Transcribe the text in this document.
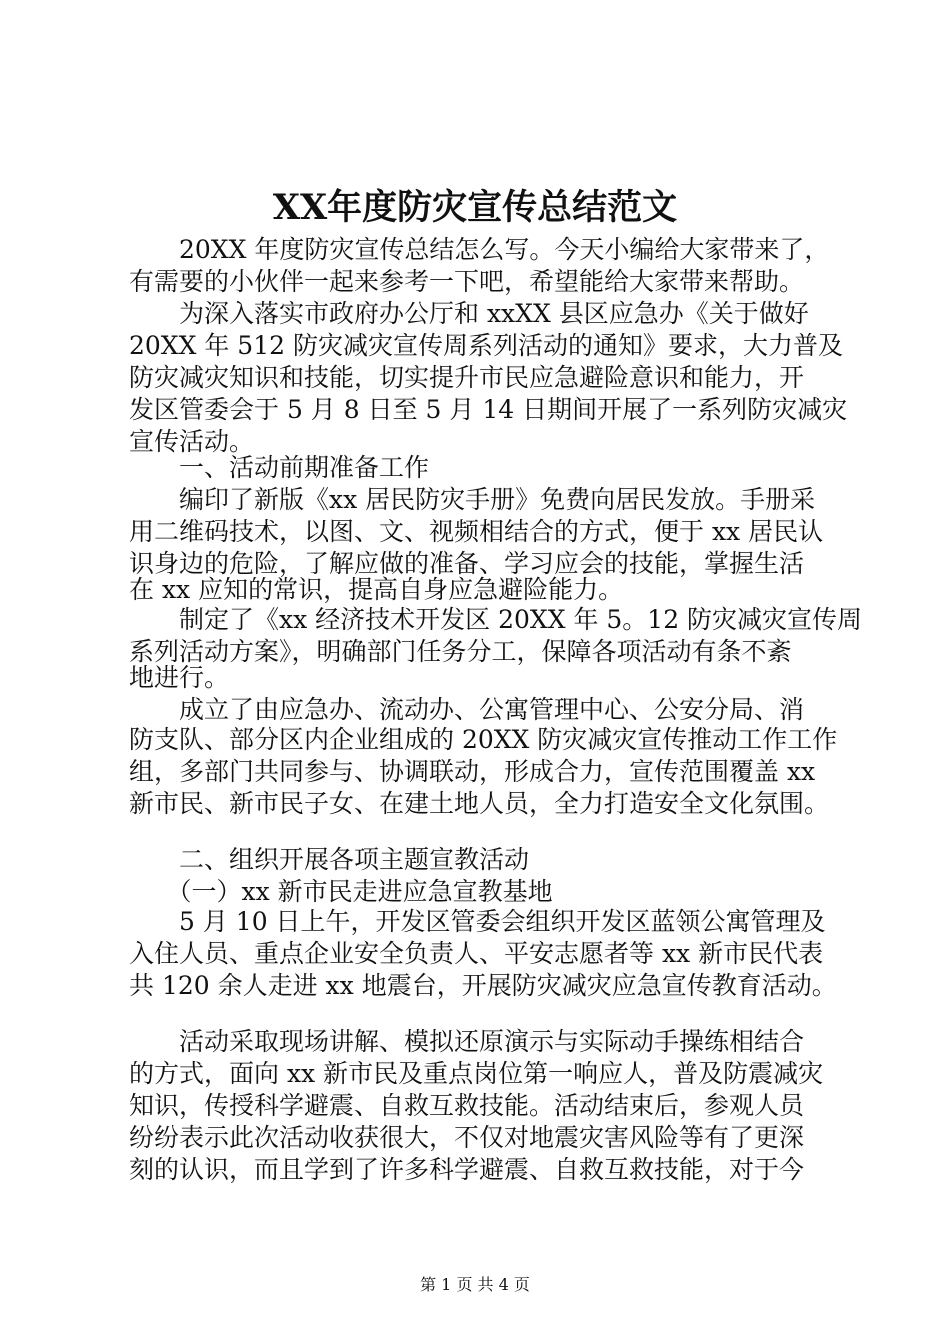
XX年度防灾宣传总结范文

　　20XX 年度防灾宣传总结怎么写。今天小编给大家带来了，

有需要的小伙伴一起来参考一下吧，希望能给大家带来帮助。

　　为深入落实市政府办公厅和 xxXX 县区应急办《关于做好

20XX 年 512 防灾减灾宣传周系列活动的通知》要求，大力普及

防灾减灾知识和技能，切实提升市民应急避险意识和能力，开

发区管委会于 5 月 8 日至 5 月 14 日期间开展了一系列防灾减灾

宣传活动。

　　一、活动前期准备工作

　　编印了新版《xx 居民防灾手册》免费向居民发放。手册采

用二维码技术，以图、文、视频相结合的方式，便于 xx 居民认

识身边的危险，了解应做的准备、学习应会的技能，掌握生活

在 xx 应知的常识，提高自身应急避险能力。

　　制定了《xx 经济技术开发区 20XX 年 5。12 防灾减灾宣传周

系列活动方案》，明确部门任务分工，保障各项活动有条不紊

地进行。

　　成立了由应急办、流动办、公寓管理中心、公安分局、消

防支队、部分区内企业组成的 20XX 防灾减灾宣传推动工作工作

组，多部门共同参与、协调联动，形成合力，宣传范围覆盖 xx

新市民、新市民子女、在建土地人员，全力打造安全文化氛围。

　　二、组织开展各项主题宣教活动

　　（一）xx 新市民走进应急宣教基地

　　5 月 10 日上午，开发区管委会组织开发区蓝领公寓管理及

入住人员、重点企业安全负责人、平安志愿者等 xx 新市民代表

共 120 余人走进 xx 地震台，开展防灾减灾应急宣传教育活动。

　　活动采取现场讲解、模拟还原演示与实际动手操练相结合

的方式，面向 xx 新市民及重点岗位第一响应人，普及防震减灾

知识，传授科学避震、自救互救技能。活动结束后，参观人员

纷纷表示此次活动收获很大，不仅对地震灾害风险等有了更深

刻的认识，而且学到了许多科学避震、自救互救技能，对于今

第 1 页 共 4 页
